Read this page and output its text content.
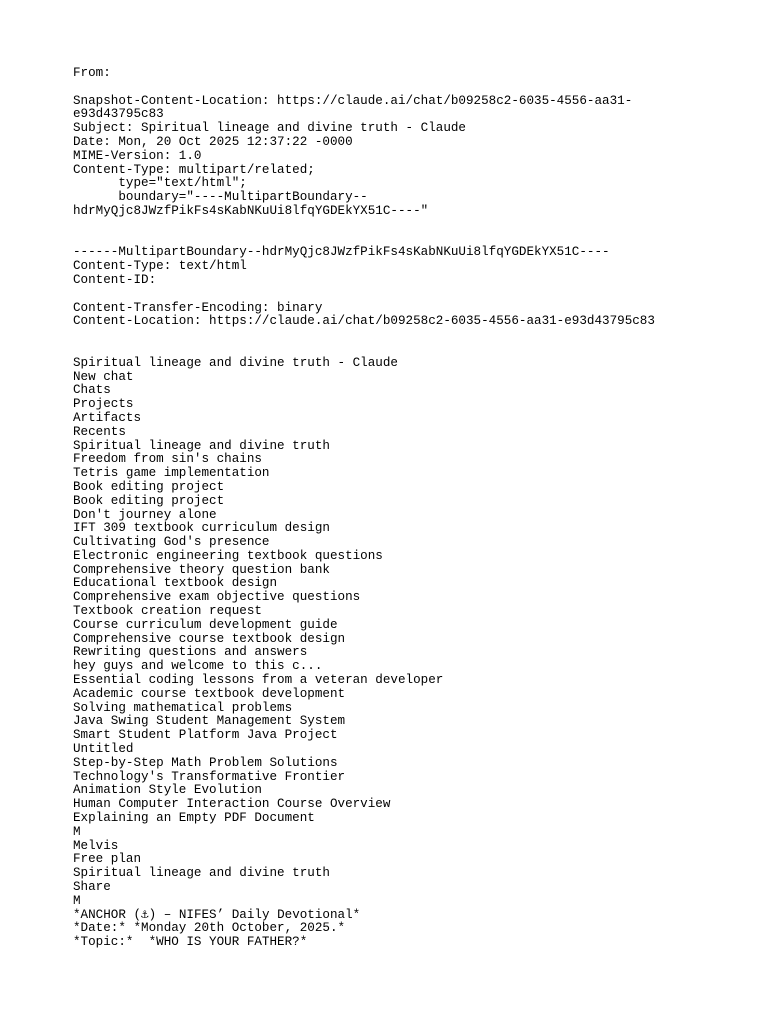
From:
Snapshot-Content-Location: https://claude.ai/chat/b09258c2-6035-4556-aa31-
e93d43795c83
Subject: Spiritual lineage and divine truth - Claude
Date: Mon, 20 Oct 2025 12:37:22 -0000
MIME-Version: 1.0
Content-Type: multipart/related;
type="text/html";
boundary="----MultipartBoundary--
hdrMyQjc8JWzfPikFs4sKabNKuUi8lfqYGDEkYX51C----"
------MultipartBoundary--hdrMyQjc8JWzfPikFs4sKabNKuUi8lfqYGDEkYX51C----
Content-Type: text/html
Content-ID:
Content-Transfer-Encoding: binary
Content-Location: https://claude.ai/chat/b09258c2-6035-4556-aa31-e93d43795c83
Spiritual lineage and divine truth - Claude
New chat
Chats
Projects
Artifacts
Recents
Spiritual lineage and divine truth
Freedom from sin's chains
Tetris game implementation
Book editing project
Book editing project
Don't journey alone
IFT 309 textbook curriculum design
Cultivating God's presence
Electronic engineering textbook questions
Comprehensive theory question bank
Educational textbook design
Comprehensive exam objective questions
Textbook creation request
Course curriculum development guide
Comprehensive course textbook design
Rewriting questions and answers
hey guys and welcome to this c...
Essential coding lessons from a veteran developer
Academic course textbook development
Solving mathematical problems
Java Swing Student Management System
Smart Student Platform Java Project
Untitled
Step-by-Step Math Problem Solutions
Technology's Transformative Frontier
Animation Style Evolution
Human Computer Interaction Course Overview
Explaining an Empty PDF Document
M
Melvis
Free plan
Spiritual lineage and divine truth
Share
M
*ANCHOR (⚓) – NIFES’ Daily Devotional*
*Date:* *Monday 20th October, 2025.*
*Topic:*  *WHO IS YOUR FATHER?*
